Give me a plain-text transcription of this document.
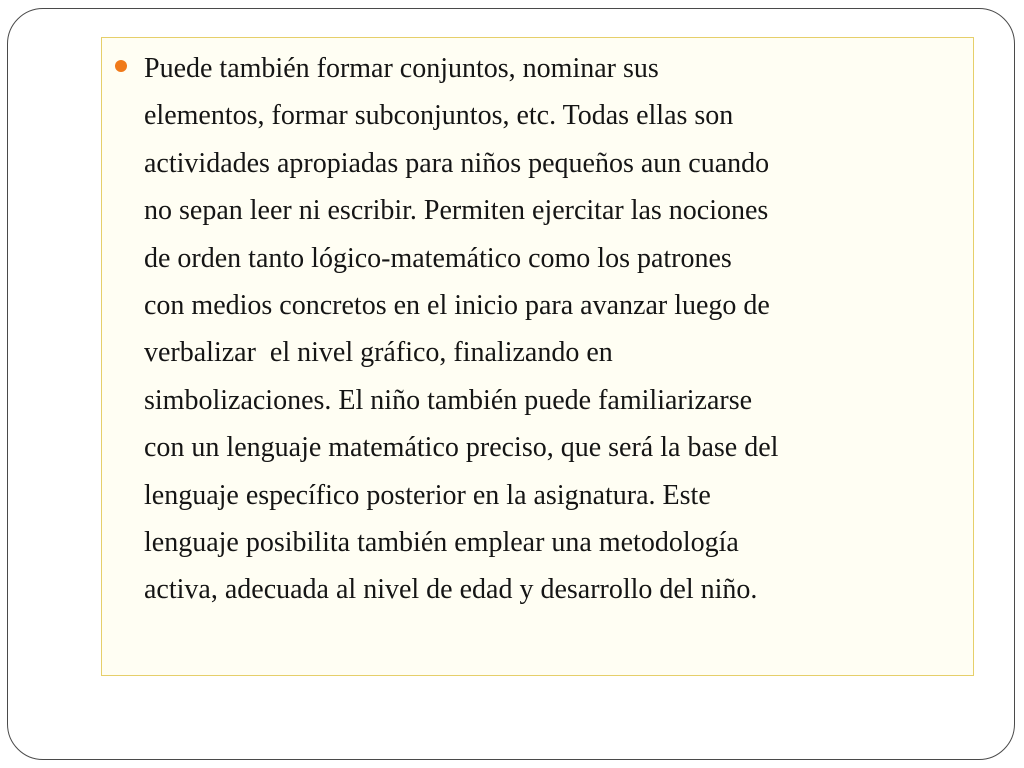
Puede también formar conjuntos, nominar sus
elementos, formar subconjuntos, etc. Todas ellas son
actividades apropiadas para niños pequeños aun cuando
no sepan leer ni escribir. Permiten ejercitar las nociones
de orden tanto lógico-matemático como los patrones
con medios concretos en el inicio para avanzar luego de
verbalizar  el nivel gráfico, finalizando en
simbolizaciones. El niño también puede familiarizarse
con un lenguaje matemático preciso, que será la base del
lenguaje específico posterior en la asignatura. Este
lenguaje posibilita también emplear una metodología
activa, adecuada al nivel de edad y desarrollo del niño.
